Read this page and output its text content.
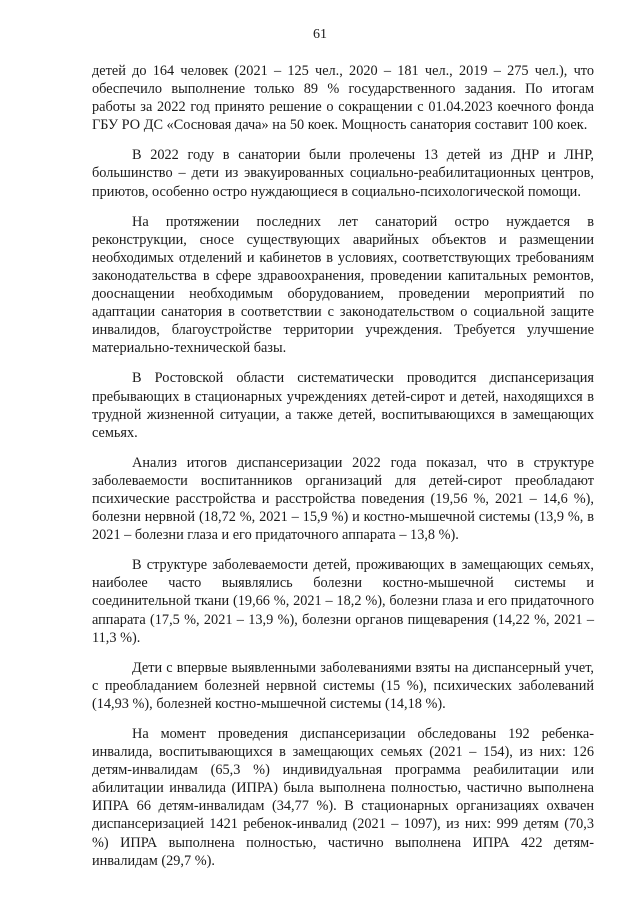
61

детей до 164 человек (2021 – 125 чел., 2020 – 181 чел., 2019 – 275 чел.), что обеспечило выполнение только 89 % государственного задания. По итогам работы за 2022 год принято решение о сокращении с 01.04.2023 коечного фонда ГБУ РО ДС «Сосновая дача» на 50 коек. Мощность санатория составит 100 коек.

В 2022 году в санатории были пролечены 13 детей из ДНР и ЛНР, большинство – дети из эвакуированных социально-реабилитационных центров, приютов, особенно остро нуждающиеся в социально-психологической помощи.

На протяжении последних лет санаторий остро нуждается в реконструкции, сносе существующих аварийных объектов и размещении необходимых отделений и кабинетов в условиях, соответствующих требованиям законодательства в сфере здравоохранения, проведении капитальных ремонтов, дооснащении необходимым оборудованием, проведении мероприятий по адаптации санатория в соответствии с законодательством о социальной защите инвалидов, благоустройстве территории учреждения. Требуется улучшение материально-технической базы.

В Ростовской области систематически проводится диспансеризация пребывающих в стационарных учреждениях детей-сирот и детей, находящихся в трудной жизненной ситуации, а также детей, воспитывающихся в замещающих семьях.

Анализ итогов диспансеризации 2022 года показал, что в структуре заболеваемости воспитанников организаций для детей-сирот преобладают психические расстройства и расстройства поведения (19,56 %, 2021 – 14,6 %), болезни нервной (18,72 %, 2021 – 15,9 %) и костно-мышечной системы (13,9 %, в 2021 – болезни глаза и его придаточного аппарата – 13,8 %).

В структуре заболеваемости детей, проживающих в замещающих семьях, наиболее часто выявлялись болезни костно-мышечной системы и соединительной ткани (19,66 %, 2021 – 18,2 %), болезни глаза и его придаточного аппарата (17,5 %, 2021 – 13,9 %), болезни органов пищеварения (14,22 %, 2021 – 11,3 %).

Дети с впервые выявленными заболеваниями взяты на диспансерный учет, с преобладанием болезней нервной системы (15 %), психических заболеваний (14,93 %), болезней костно-мышечной системы (14,18 %).

На момент проведения диспансеризации обследованы 192 ребенка-инвалида, воспитывающихся в замещающих семьях (2021 – 154), из них: 126 детям-инвалидам (65,3 %) индивидуальная программа реабилитации или абилитации инвалида (ИПРА) была выполнена полностью, частично выполнена ИПРА 66 детям-инвалидам (34,77 %). В стационарных организациях охвачен диспансеризацией 1421 ребенок-инвалид (2021 – 1097), из них: 999 детям (70,3 %) ИПРА выполнена полностью, частично выполнена ИПРА 422 детям-инвалидам (29,7 %).
